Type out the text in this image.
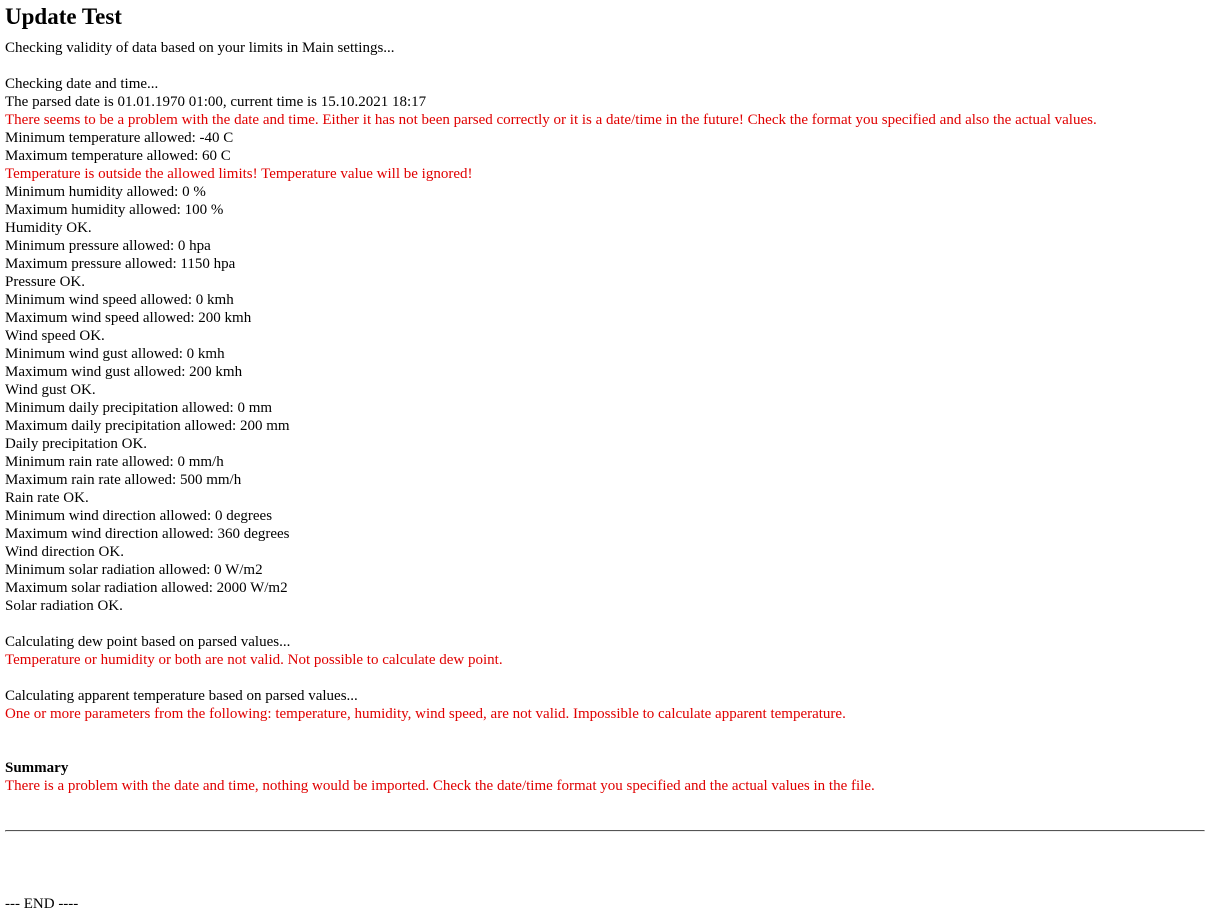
Update Test
Checking validity of data based on your limits in Main settings...
Checking date and time...
The parsed date is 01.01.1970 01:00, current time is 15.10.2021 18:17
There seems to be a problem with the date and time. Either it has not been parsed correctly or it is a date/time in the future! Check the format you specified and also the actual values.
Minimum temperature allowed: -40 C
Maximum temperature allowed: 60 C
Temperature is outside the allowed limits! Temperature value will be ignored!
Minimum humidity allowed: 0 %
Maximum humidity allowed: 100 %
Humidity OK.
Minimum pressure allowed: 0 hpa
Maximum pressure allowed: 1150 hpa
Pressure OK.
Minimum wind speed allowed: 0 kmh
Maximum wind speed allowed: 200 kmh
Wind speed OK.
Minimum wind gust allowed: 0 kmh
Maximum wind gust allowed: 200 kmh
Wind gust OK.
Minimum daily precipitation allowed: 0 mm
Maximum daily precipitation allowed: 200 mm
Daily precipitation OK.
Minimum rain rate allowed: 0 mm/h
Maximum rain rate allowed: 500 mm/h
Rain rate OK.
Minimum wind direction allowed: 0 degrees
Maximum wind direction allowed: 360 degrees
Wind direction OK.
Minimum solar radiation allowed: 0 W/m2
Maximum solar radiation allowed: 2000 W/m2
Solar radiation OK.
Calculating dew point based on parsed values...
Temperature or humidity or both are not valid. Not possible to calculate dew point.
Calculating apparent temperature based on parsed values...
One or more parameters from the following: temperature, humidity, wind speed, are not valid. Impossible to calculate apparent temperature.
Summary
There is a problem with the date and time, nothing would be imported. Check the date/time format you specified and the actual values in the file.
--- END ----
